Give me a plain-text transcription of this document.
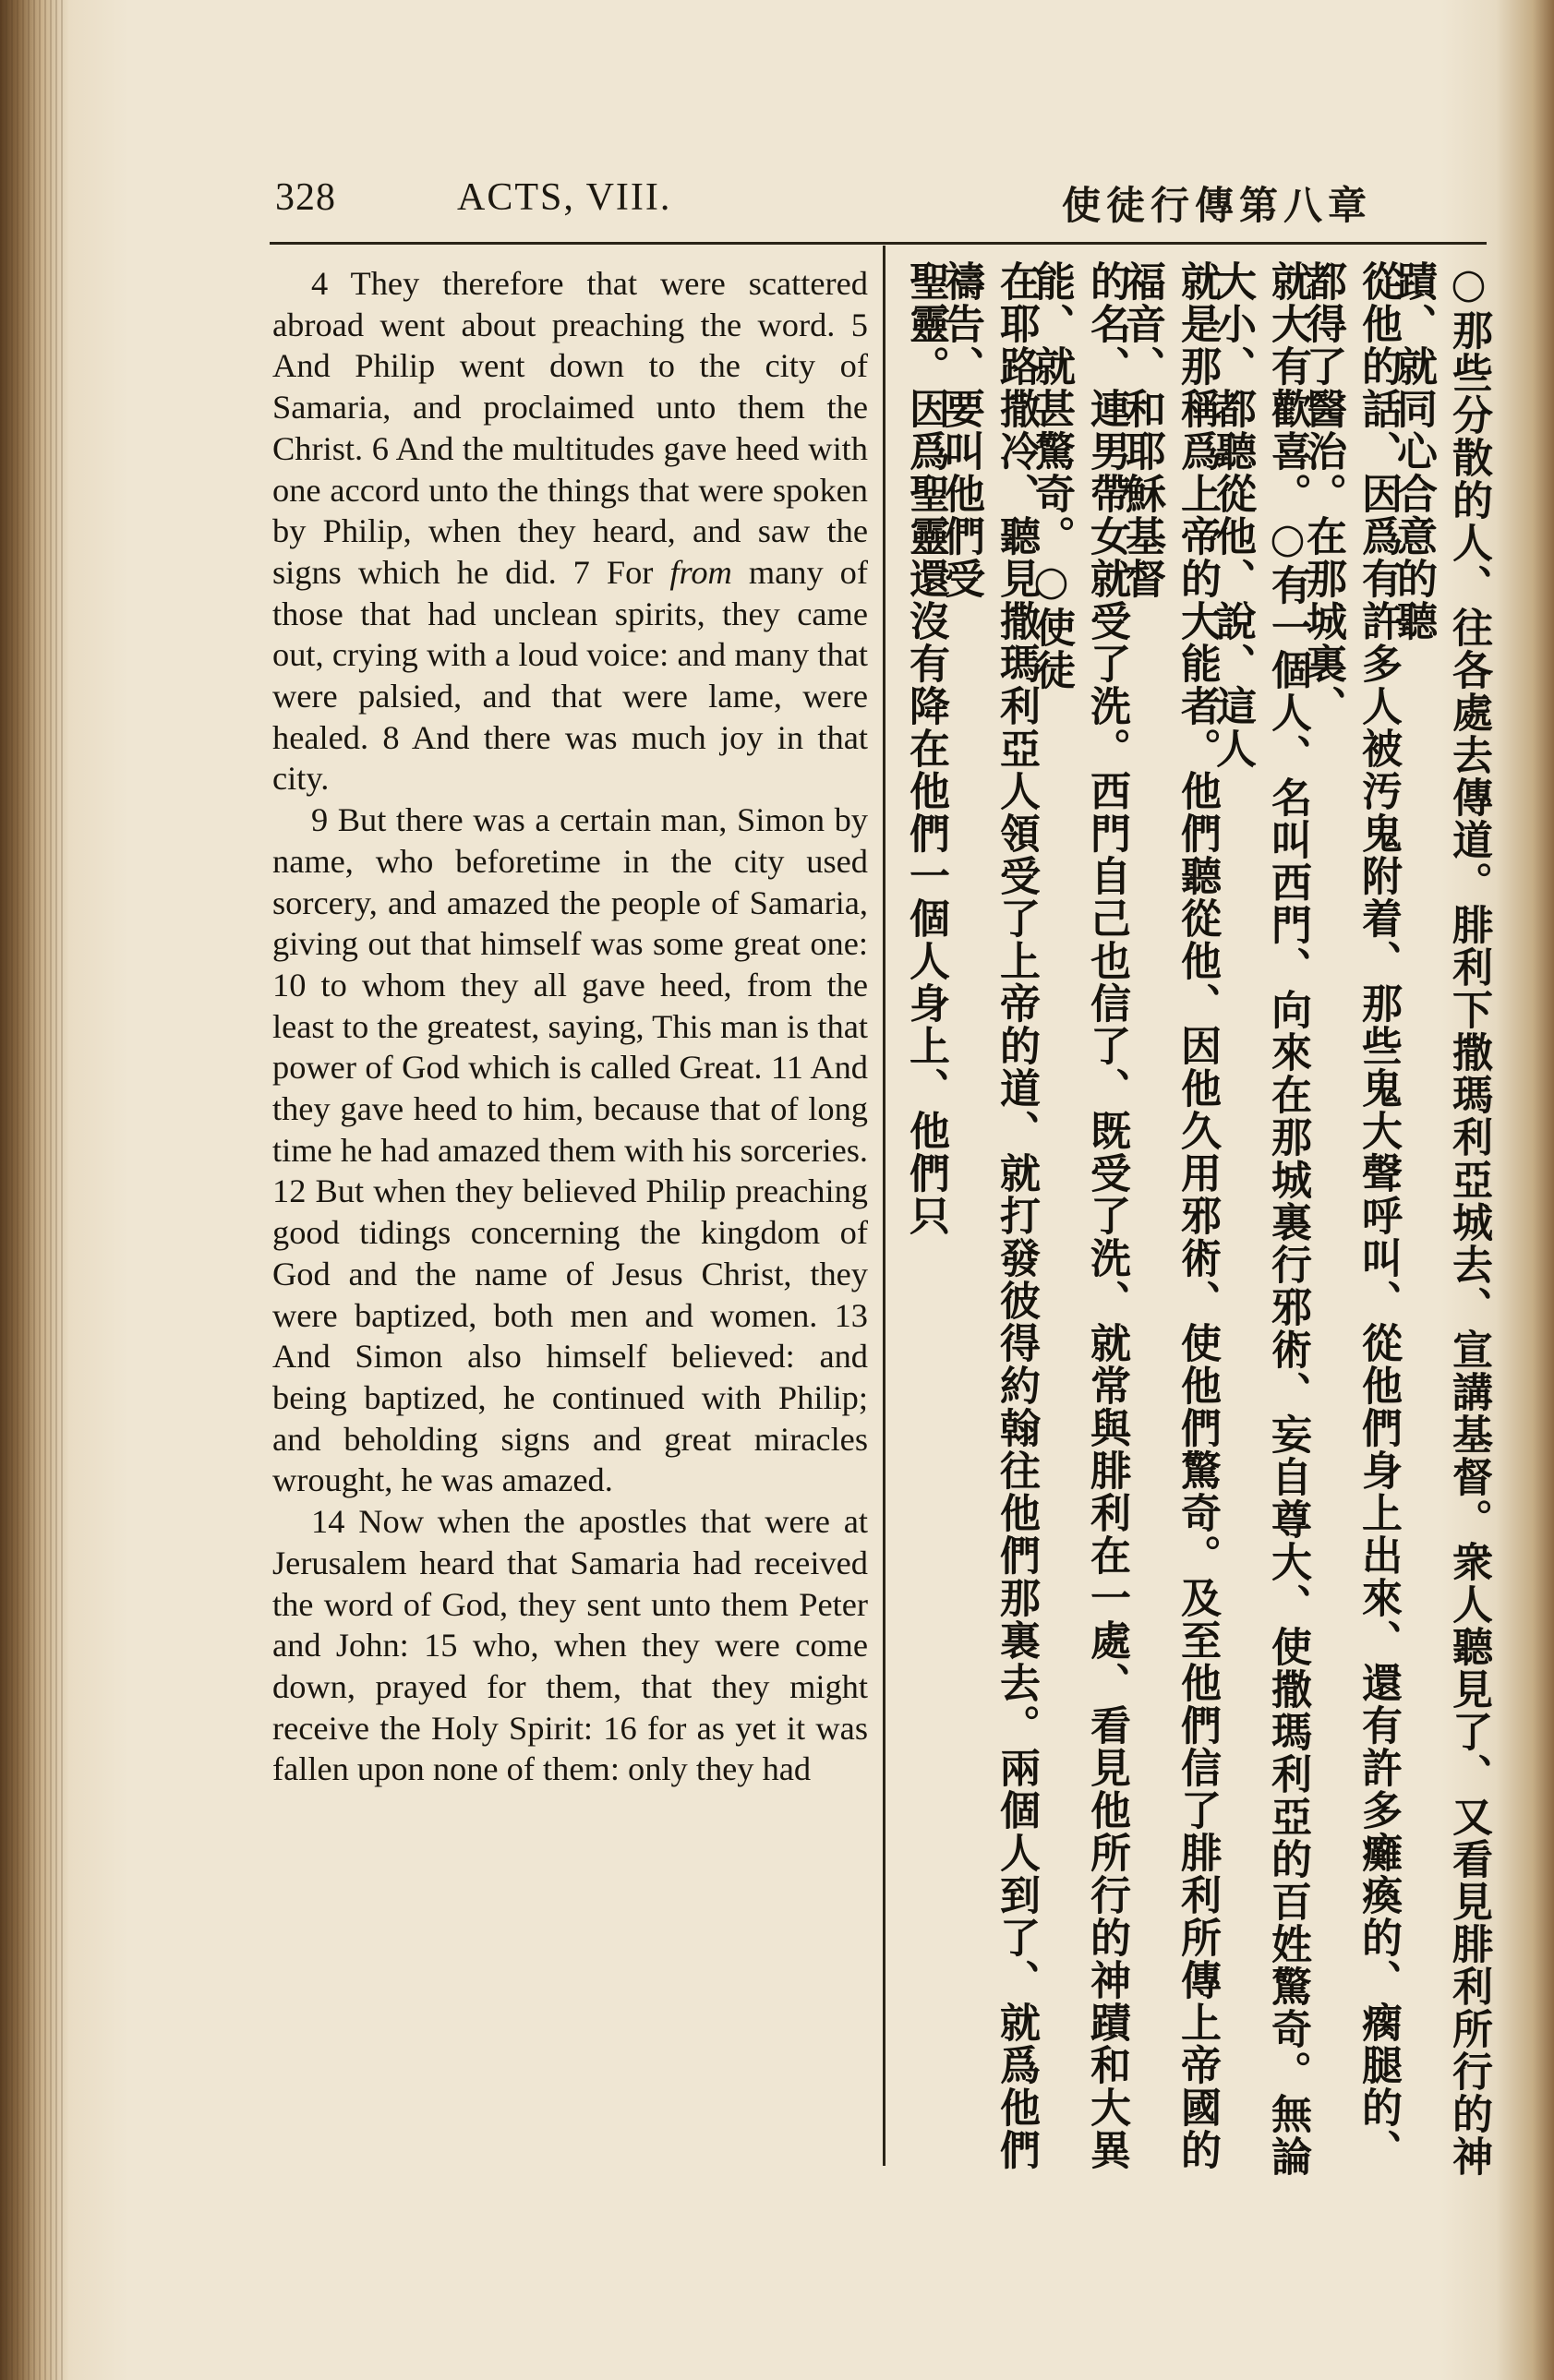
328	ACTS, VIII.	使徒行傳第八章

4 They therefore that were scattered abroad went about preaching the word. 5 And Philip went down to the city of Samaria, and proclaimed unto them the Christ. 6 And the multitudes gave heed with one accord unto the things that were spoken by Philip, when they heard, and saw the signs which he did. 7 For from many of those that had unclean spirits, they came out, crying with a loud voice: and many that were palsied, and that were lame, were healed. 8 And there was much joy in that city.

9 But there was a certain man, Simon by name, who beforetime in the city used sorcery, and amazed the people of Samaria, giving out that himself was some great one: 10 to whom they all gave heed, from the least to the greatest, saying, This man is that power of God which is called Great. 11 And they gave heed to him, because that of long time he had amazed them with his sorceries. 12 But when they believed Philip preaching good tidings concerning the kingdom of God and the name of Jesus Christ, they were baptized, both men and women. 13 And Simon also himself believed: and being baptized, he continued with Philip; and beholding signs and great miracles wrought, he was amazed.

14 Now when the apostles that were at Jerusalem heard that Samaria had received the word of God, they sent unto them Peter and John: 15 who, when they were come down, prayed for them, that they might receive the Holy Spirit: 16 for as yet it was fallen upon none of them: only they had	○那些分散的人、往各處去傳道。腓利下撒瑪利亞城去、宣講基督。衆人聽見了、又看見腓利所行的神蹟、就同心合意的聽
從他的話、因爲有許多人被汚鬼附着、那些鬼大聲呼叫、從他們身上出來、還有許多癱瘓的、瘸腿的、都得了醫治。在那城裏、
就大有歡喜。○有一個人、名叫西門、向來在那城裏行邪術、妄自尊大、使撒瑪利亞的百姓驚奇。無論大小、都聽從他、說、這人
就是那稱爲上帝的大能者。他們聽從他、因他久用邪術、使他們驚奇。及至他們信了腓利所傳上帝國的福音、和耶穌基督
的名、連男帶女就受了洗。西門自己也信了、既受了洗、就常與腓利在一處、看見他所行的神蹟和大異能、就甚驚奇。○使徒
在耶路撒冷、聽見撒瑪利亞人領受了上帝的道、就打發彼得約翰往他們那裏去。兩個人到了、就爲他們禱告、要叫他們受
聖靈。因爲聖靈還沒有降在他們一個人身上、他們只
